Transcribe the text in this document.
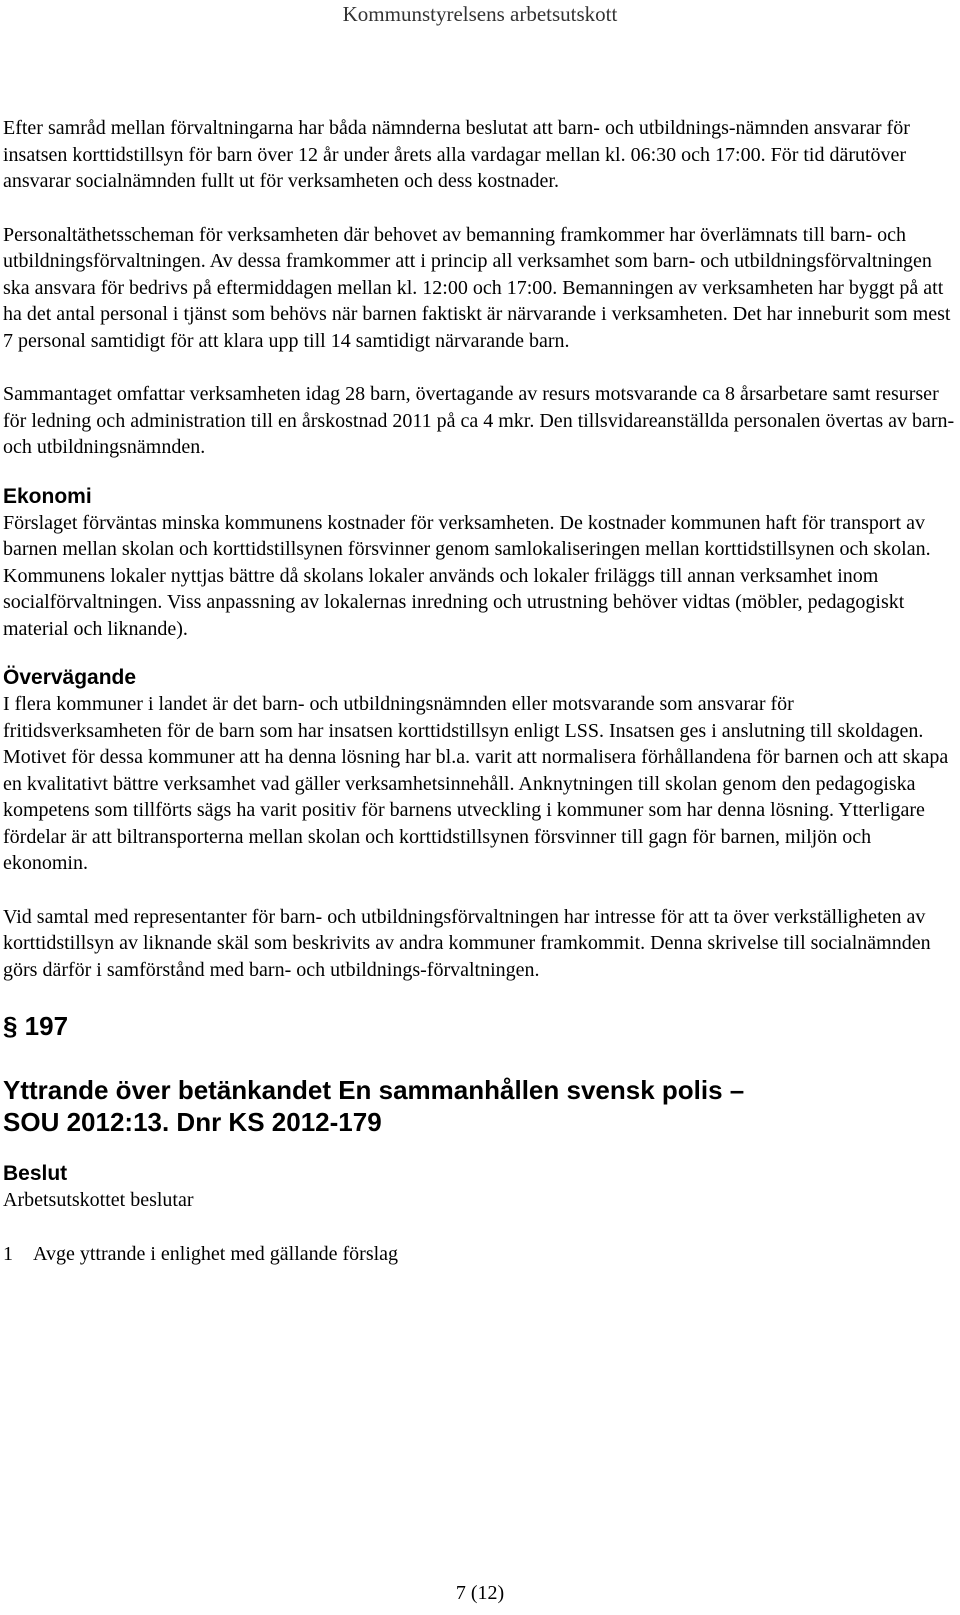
Kommunstyrelsens arbetsutskott

Efter samråd mellan förvaltningarna har båda nämnderna beslutat att barn- och utbildnings-nämnden ansvarar för insatsen korttidstillsyn för barn över 12 år under årets alla vardagar mellan kl. 06:30 och 17:00. För tid därutöver ansvarar socialnämnden fullt ut för verksamheten och dess kostnader.

Personaltäthetsscheman för verksamheten där behovet av bemanning framkommer har överlämnats till barn- och utbildningsförvaltningen. Av dessa framkommer att i princip all verksamhet som barn- och utbildningsförvaltningen ska ansvara för bedrivs på eftermiddagen mellan kl. 12:00 och 17:00. Bemanningen av verksamheten har byggt på att ha det antal personal i tjänst som behövs när barnen faktiskt är närvarande i verksamheten. Det har inneburit som mest 7 personal samtidigt för att klara upp till 14 samtidigt närvarande barn.

Sammantaget omfattar verksamheten idag 28 barn, övertagande av resurs motsvarande ca 8 årsarbetare samt resurser för ledning och administration till en årskostnad 2011 på ca 4 mkr. Den tillsvidareanställda personalen övertas av barn- och utbildningsnämnden.

Ekonomi

Förslaget förväntas minska kommunens kostnader för verksamheten. De kostnader kommunen haft för transport av barnen mellan skolan och korttidstillsynen försvinner genom samlokaliseringen mellan korttidstillsynen och skolan. Kommunens lokaler nyttjas bättre då skolans lokaler används och lokaler friläggs till annan verksamhet inom socialförvaltningen. Viss anpassning av lokalernas inredning och utrustning behöver vidtas (möbler, pedagogiskt material och liknande).

Övervägande

I flera kommuner i landet är det barn- och utbildningsnämnden eller motsvarande som ansvarar för fritidsverksamheten för de barn som har insatsen korttidstillsyn enligt LSS. Insatsen ges i anslutning till skoldagen. Motivet för dessa kommuner att ha denna lösning har bl.a. varit att normalisera förhållandena för barnen och att skapa en kvalitativt bättre verksamhet vad gäller verksamhetsinnehåll. Anknytningen till skolan genom den pedagogiska kompetens som tillförts sägs ha varit positiv för barnens utveckling i kommuner som har denna lösning. Ytterligare fördelar är att biltransporterna mellan skolan och korttidstillsynen försvinner till gagn för barnen, miljön och ekonomin.

Vid samtal med representanter för barn- och utbildningsförvaltningen har intresse för att ta över verkställigheten av korttidstillsyn av liknande skäl som beskrivits av andra kommuner framkommit. Denna skrivelse till socialnämnden görs därför i samförstånd med barn- och utbildnings-förvaltningen.

§ 197
Yttrande över betänkandet En sammanhållen svensk polis –
SOU 2012:13. Dnr KS 2012-179
Beslut

Arbetsutskottet beslutar

1	Avge yttrande i enlighet med gällande förslag
7 (12)
